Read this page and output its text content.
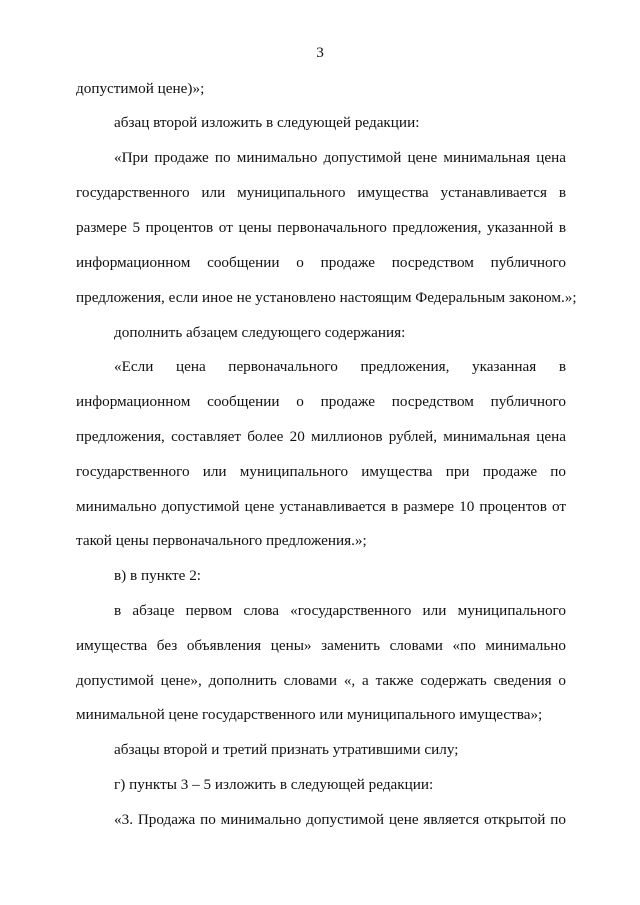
3
допустимой цене)»;
абзац второй изложить в следующей редакции:
«При продаже по минимально допустимой цене минимальная цена
государственного или муниципального имущества устанавливается в
размере 5 процентов от цены первоначального предложения, указанной в
информационном сообщении о продаже посредством публичного
предложения, если иное не установлено настоящим Федеральным законом.»;
дополнить абзацем следующего содержания:
«Если цена первоначального предложения, указанная в
информационном сообщении о продаже посредством публичного
предложения, составляет более 20 миллионов рублей, минимальная цена
государственного или муниципального имущества при продаже по
минимально допустимой цене устанавливается в размере 10 процентов от
такой цены первоначального предложения.»;
в) в пункте 2:
в абзаце первом слова «государственного или муниципального
имущества без объявления цены» заменить словами «по минимально
допустимой цене», дополнить словами «, а также содержать сведения о
минимальной цене государственного или муниципального имущества»;
абзацы второй и третий признать утратившими силу;
г) пункты 3 – 5 изложить в следующей редакции:
«3. Продажа по минимально допустимой цене является открытой по
